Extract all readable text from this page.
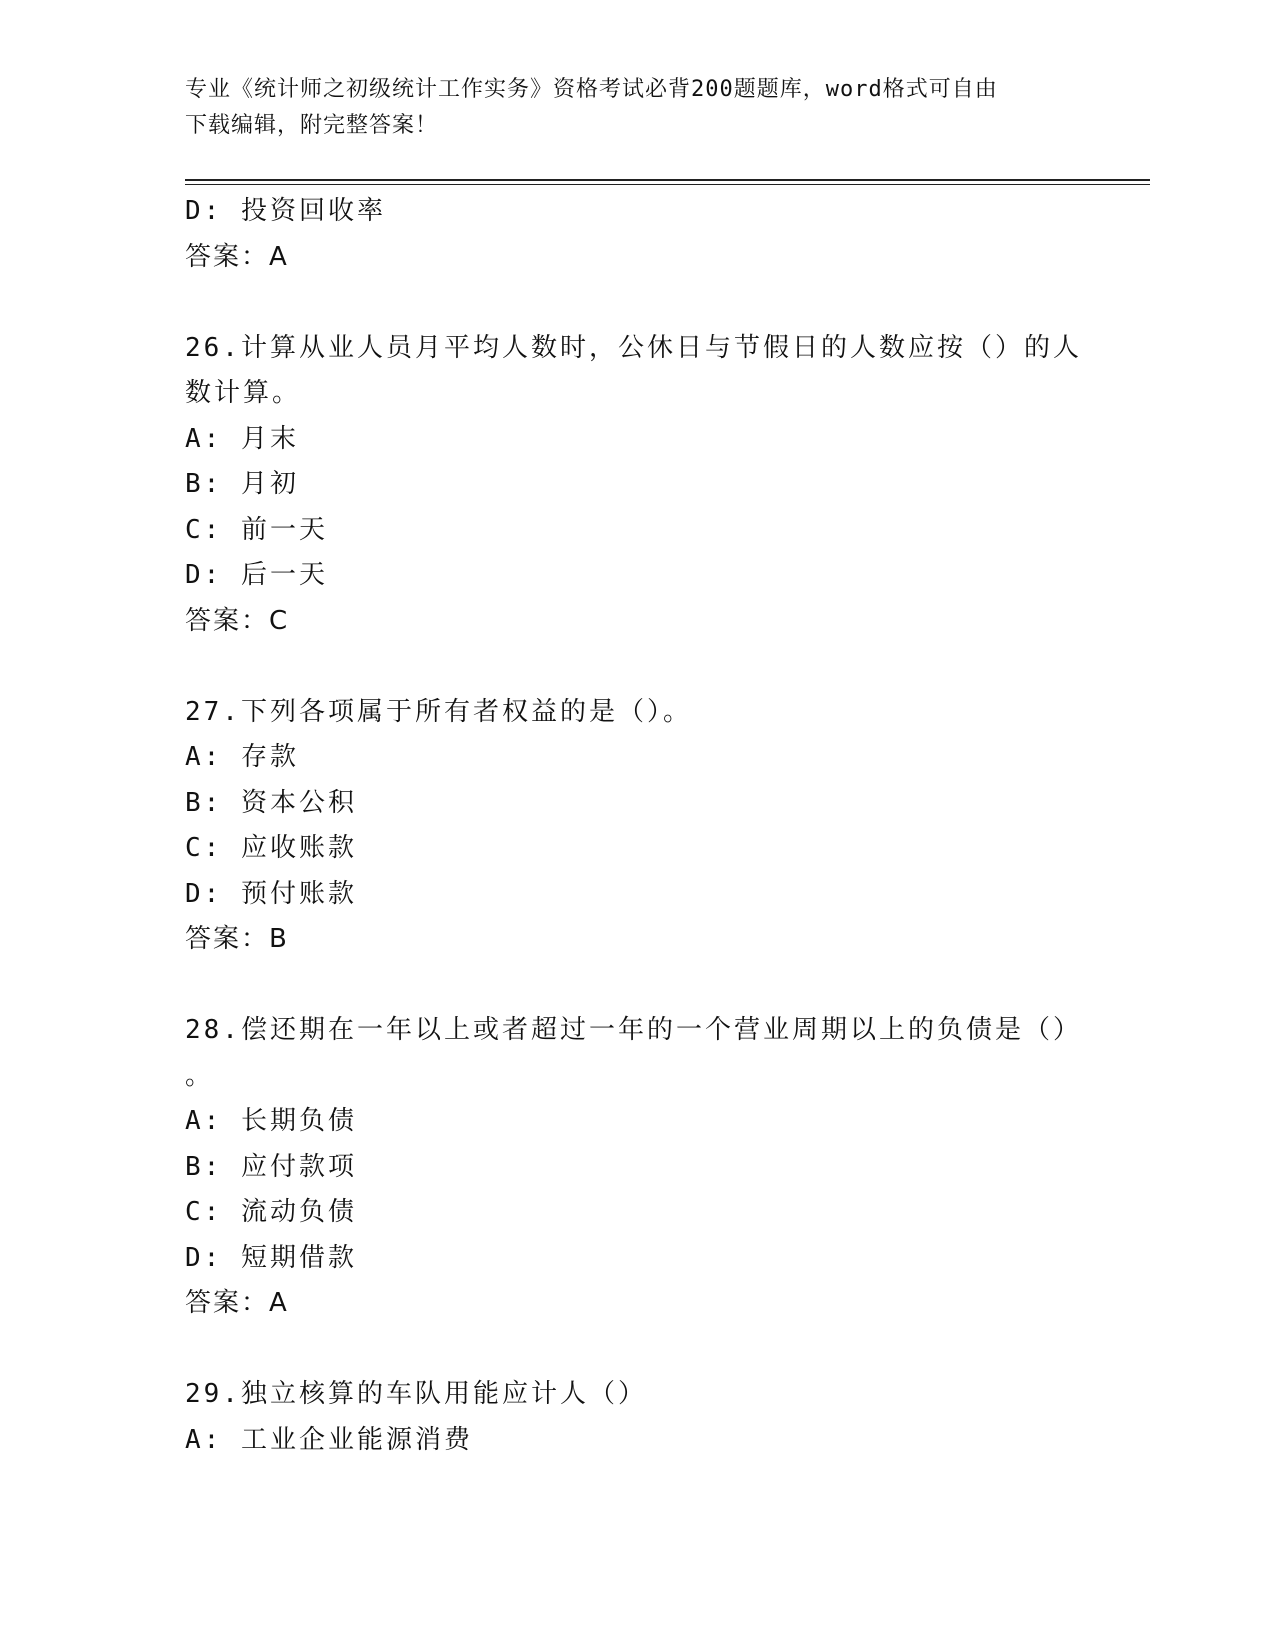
专业《统计师之初级统计工作实务》资格考试必背200题题库，word格式可自由
下载编辑，附完整答案！
D: 投资回收率
答案：A
26.计算从业人员月平均人数时，公休日与节假日的人数应按（）的人
数计算。
A: 月末
B: 月初
C: 前一天
D: 后一天
答案：C
27.下列各项属于所有者权益的是（）。
A: 存款
B: 资本公积
C: 应收账款
D: 预付账款
答案：B
28.偿还期在一年以上或者超过一年的一个营业周期以上的负债是（）
。
A: 长期负债
B: 应付款项
C: 流动负债
D: 短期借款
答案：A
29.独立核算的车队用能应计人（）
A: 工业企业能源消费
